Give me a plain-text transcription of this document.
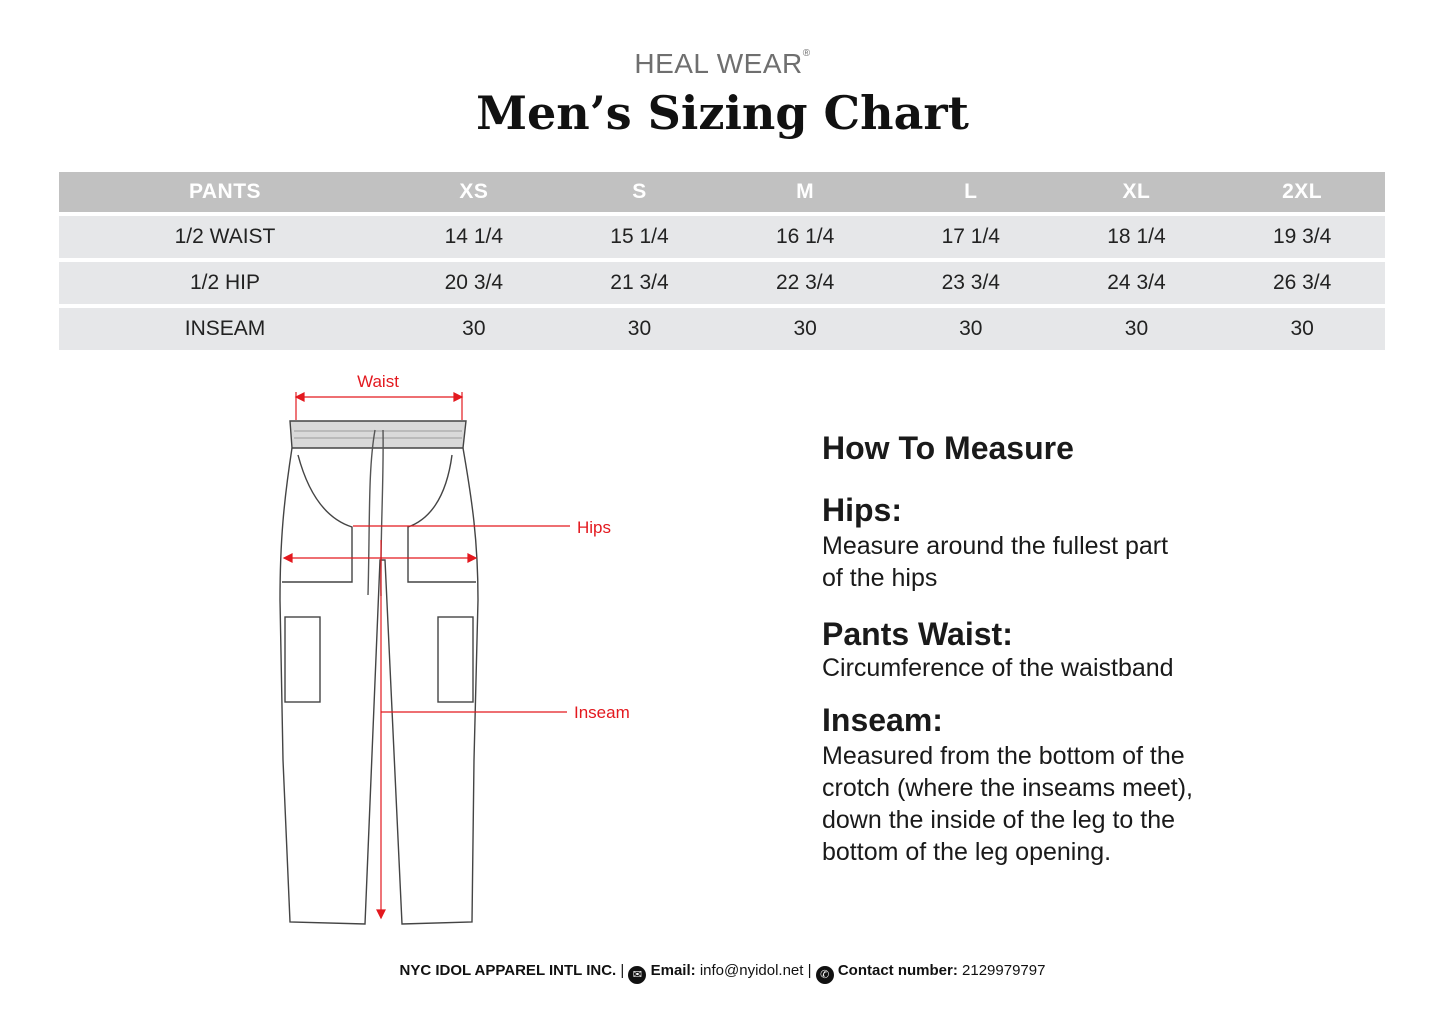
HEAL WEAR®
Men’s Sizing Chart
PANTS	XS	S	M	L	XL	2XL
1/2 WAIST	14 1/4	15 1/4	16 1/4	17 1/4	18 1/4	19 3/4
1/2 HIP	20 3/4	21 3/4	22 3/4	23 3/4	24 3/4	26 3/4
INSEAM	30	30	30	30	30	30
Waist
Hips
Inseam
How To Measure
Hips:
Measure around the fullest part
of the hips
Pants Waist:
Circumference of the waistband
Inseam:
Measured from the bottom of the
crotch (where the inseams meet),
down the inside of the leg to the
bottom of the leg opening.
NYC IDOL APPAREL INTL INC. | ✉ Email: info@nyidol.net | ✆ Contact number: 2129979797
